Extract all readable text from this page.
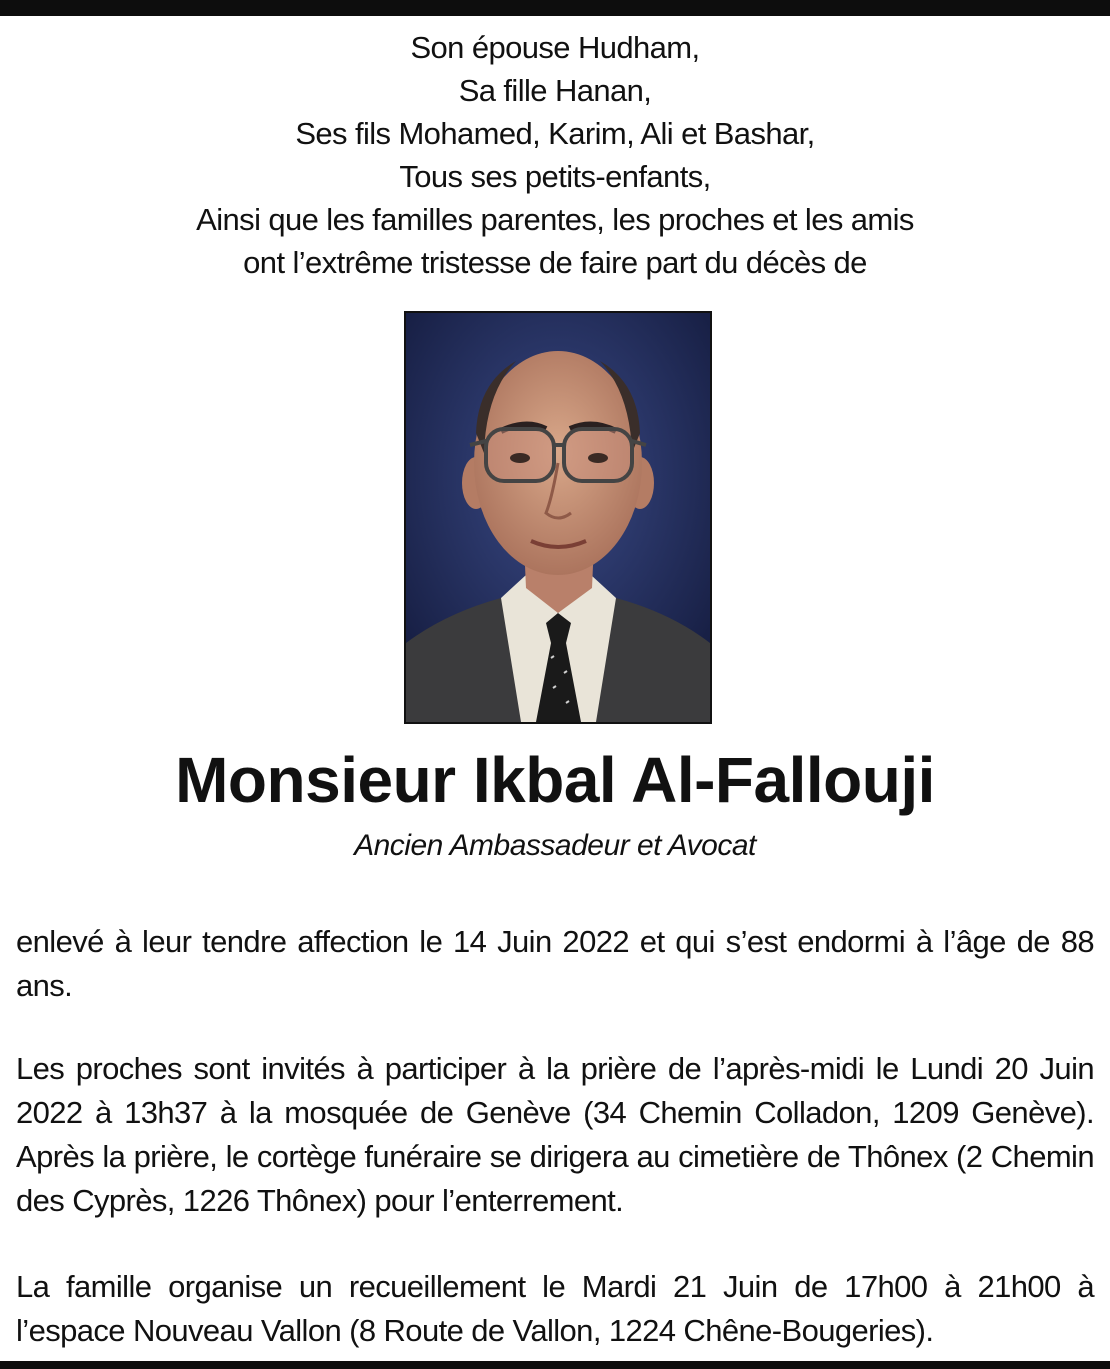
Son épouse Hudham,
Sa fille Hanan,
Ses fils Mohamed, Karim, Ali et Bashar,
Tous ses petits-enfants,
Ainsi que les familles parentes, les proches et les amis
ont l’extrême tristesse de faire part du décès de
Monsieur Ikbal Al-Fallouji
Ancien Ambassadeur et Avocat
enlevé à leur tendre affection le 14 Juin 2022 et qui s’est endormi à l’âge de 88 ans.
Les proches sont invités à participer à la prière de l’après-midi le Lundi 20 Juin 2022 à 13h37 à la mosquée de Genève (34 Chemin Colladon, 1209 Genève). Après la prière, le cortège funéraire se dirigera au cimetière de Thônex (2 Chemin des Cyprès, 1226 Thônex) pour l’enterrement.
La famille organise un recueillement le Mardi 21 Juin de 17h00 à 21h00 à l’espace Nouveau Vallon (8 Route de Vallon, 1224 Chêne-Bougeries).
